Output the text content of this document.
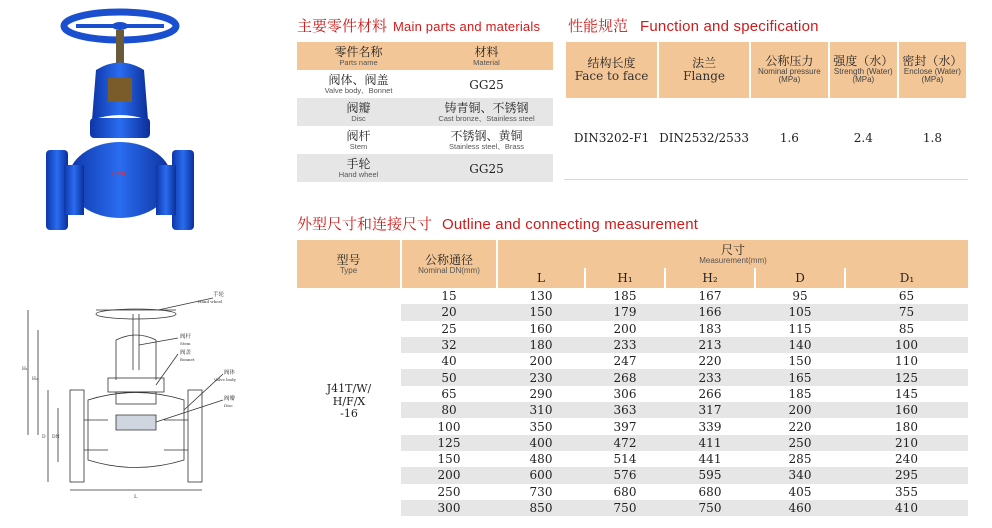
CYK
手轮
Hand wheel
阀杆
Stem
阀盖
Bonnet
阀体
Valve body
阀瓣
Disc
H₁
H₂
D DN
L
主要零件材料 Main parts and materials 性能规范 Function and specification
外型尺寸和连接尺寸 Outline and connecting measurement
零件名称
Parts name	材料
Material

阀体、阀盖
Valve body、Bonnet	GG25

阀瓣
Disc	铸青铜、不锈钢
Cast bronze、Stainless steel

阀杆
Stem	不锈钢、黄铜
Stainless steel、Brass

手轮
Hand wheel	GG25
结构长度
Face to face	法兰
Flange	公称压力
Nominal pressure
(MPa)	强度（水）
Strength (Water)
(MPa)	密封（水）
Enclose (Water)
(MPa)

DIN3202-F1	DIN2532/2533	1.6	2.4	1.8
型号
Type	公称通径
Nominal DN(mm)	尺寸
Measurement(mm)				

		L	H₁	H₂	D	D₁

J41T/W/
H/F/X
-16	15	130	185	167	95	65
	20	150	179	166	105	75
	25	160	200	183	115	85
	32	180	233	213	140	100
	40	200	247	220	150	110
	50	230	268	233	165	125
	65	290	306	266	185	145
	80	310	363	317	200	160
	100	350	397	339	220	180
	125	400	472	411	250	210
	150	480	514	441	285	240
	200	600	576	595	340	295
	250	730	680	680	405	355
	300	850	750	750	460	410
